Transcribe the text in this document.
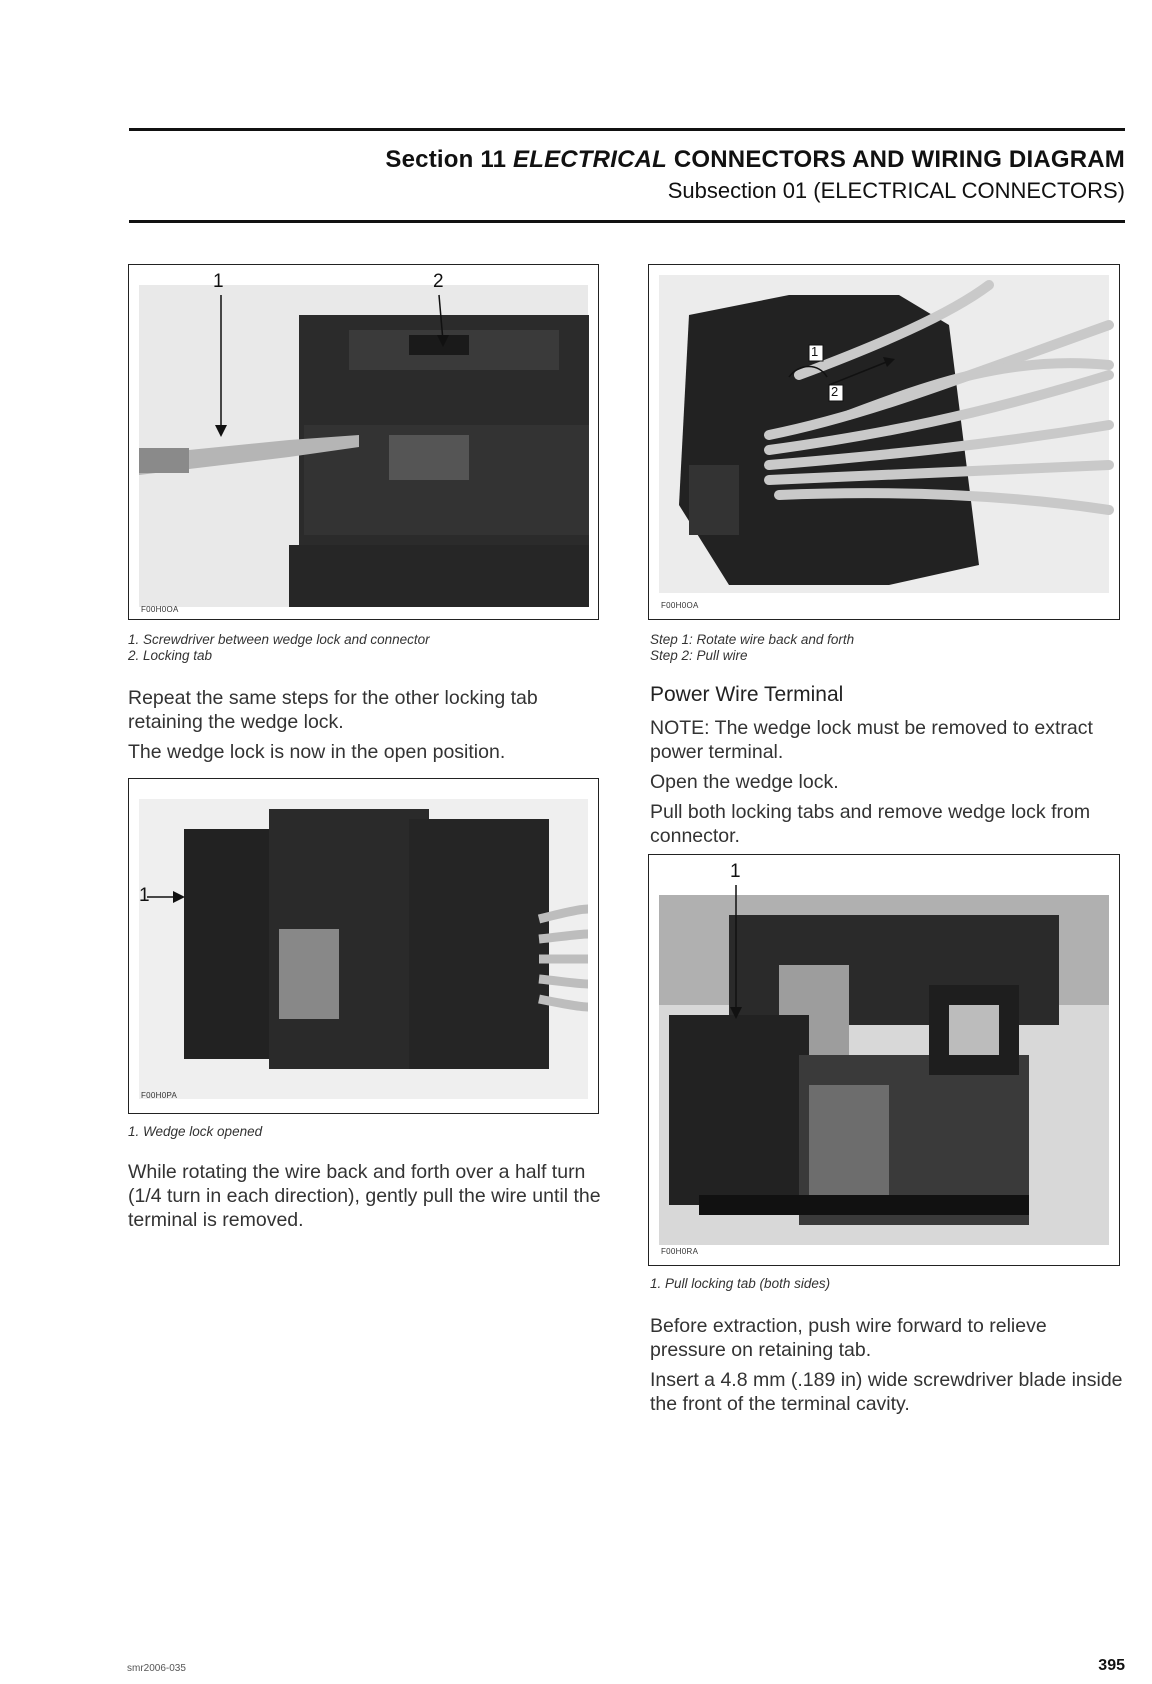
Section 11 ELECTRICAL CONNECTORS AND WIRING DIAGRAM
Subsection 01 (ELECTRICAL CONNECTORS)
1	2
F00H0OA
1. Screwdriver between wedge lock and connector
2. Locking tab
1
2
F00H0OA
Step 1: Rotate wire back and forth
Step 2: Pull wire

Repeat the same steps for the other locking tab retaining the wedge lock.

The wedge lock is now in the open position.

1
F00H0PA
1. Wedge lock opened

While rotating the wire back and forth over a half turn (1/4 turn in each direction), gently pull the wire until the terminal is removed.

Power Wire Terminal

NOTE: The wedge lock must be removed to extract power terminal.

Open the wedge lock.

Pull both locking tabs and remove wedge lock from connector.

1
F00H0RA
1. Pull locking tab (both sides)

Before extraction, push wire forward to relieve pressure on retaining tab.

Insert a 4.8 mm (.189 in) wide screwdriver blade inside the front of the terminal cavity.

smr2006-035	395
